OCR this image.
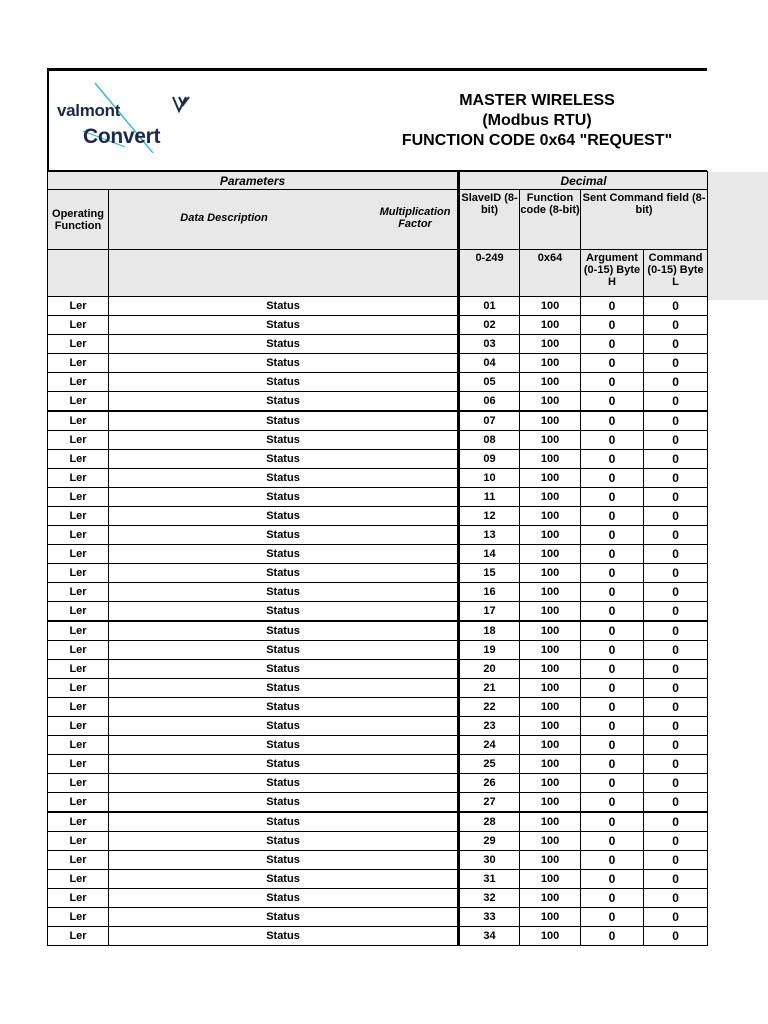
valmont
Convert
MASTER WIRELESS
(Modbus RTU)
FUNCTION CODE 0x64 "REQUEST"
Parameters		Decimal			
Operating Function	Data Description Multiplication Factor	SlaveID (8-bit)	Function code (8-bit)	Sent Command field (8-bit)	
		0-249	0x64	Argument (0-15) Byte H	Command (0-15) Byte L
Ler	Status	01	100	0	0
Ler	Status	02	100	0	0
Ler	Status	03	100	0	0
Ler	Status	04	100	0	0
Ler	Status	05	100	0	0
Ler	Status	06	100	0	0
Ler	Status	07	100	0	0
Ler	Status	08	100	0	0
Ler	Status	09	100	0	0
Ler	Status	10	100	0	0
Ler	Status	11	100	0	0
Ler	Status	12	100	0	0
Ler	Status	13	100	0	0
Ler	Status	14	100	0	0
Ler	Status	15	100	0	0
Ler	Status	16	100	0	0
Ler	Status	17	100	0	0
Ler	Status	18	100	0	0
Ler	Status	19	100	0	0
Ler	Status	20	100	0	0
Ler	Status	21	100	0	0
Ler	Status	22	100	0	0
Ler	Status	23	100	0	0
Ler	Status	24	100	0	0
Ler	Status	25	100	0	0
Ler	Status	26	100	0	0
Ler	Status	27	100	0	0
Ler	Status	28	100	0	0
Ler	Status	29	100	0	0
Ler	Status	30	100	0	0
Ler	Status	31	100	0	0
Ler	Status	32	100	0	0
Ler	Status	33	100	0	0
Ler	Status	34	100	0	0
